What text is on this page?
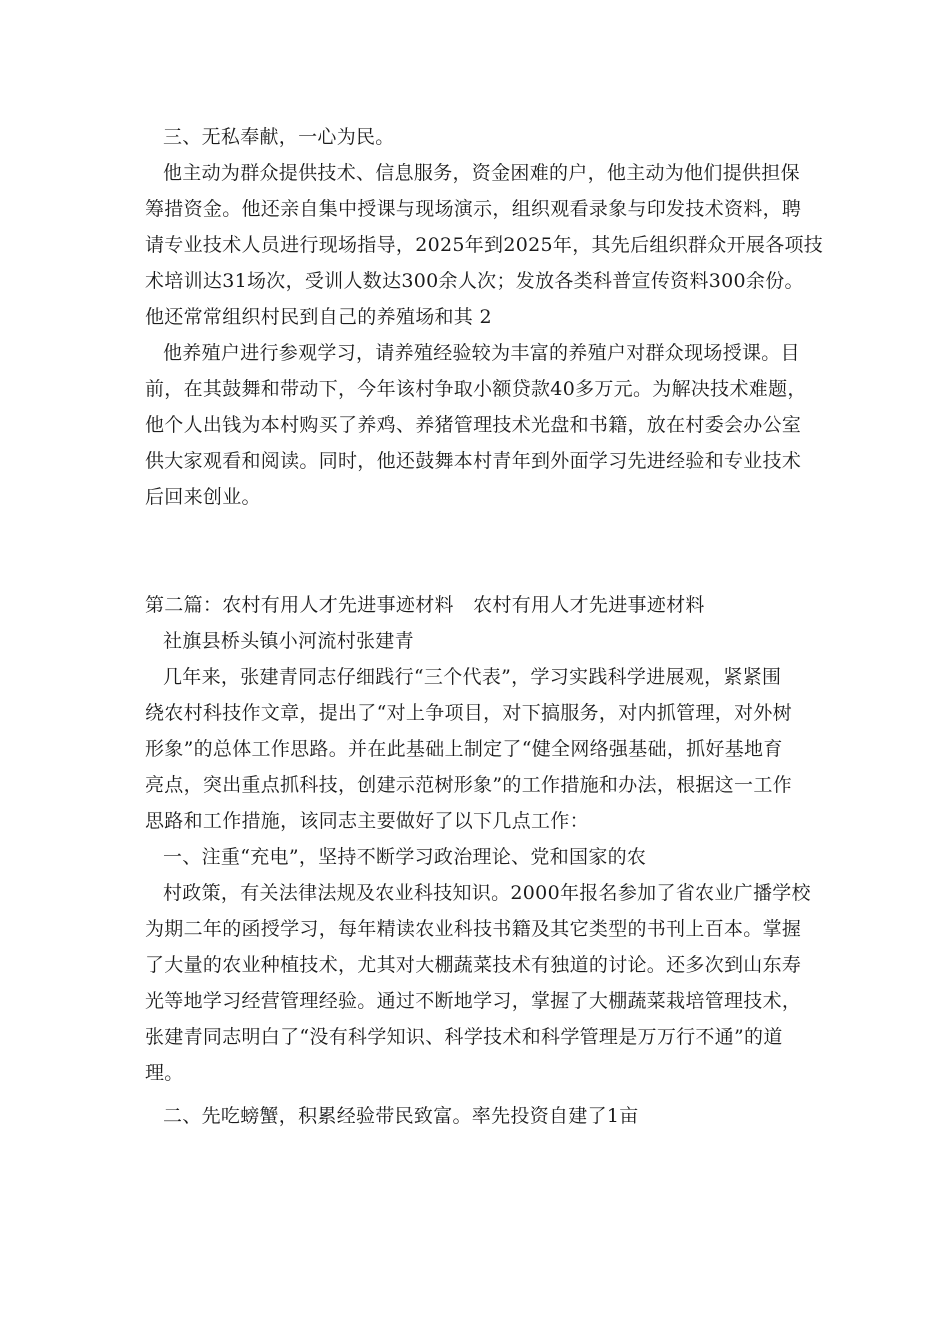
三、无私奉献，一心为民。
他主动为群众提供技术、信息服务，资金困难的户，他主动为他们提供担保
筹措资金。他还亲自集中授课与现场演示，组织观看录象与印发技术资料，聘
请专业技术人员进行现场指导，2025年到2025年，其先后组织群众开展各项技
术培训达31场次，受训人数达300余人次；发放各类科普宣传资料300余份。
他还常常组织村民到自己的养殖场和其 2
他养殖户进行参观学习，请养殖经验较为丰富的养殖户对群众现场授课。目
前，在其鼓舞和带动下，今年该村争取小额贷款40多万元。为解决技术难题，
他个人出钱为本村购买了养鸡、养猪管理技术光盘和书籍，放在村委会办公室
供大家观看和阅读。同时，他还鼓舞本村青年到外面学习先进经验和专业技术
后回来创业。
第二篇：农村有用人才先进事迹材料　农村有用人才先进事迹材料
社旗县桥头镇小河流村张建青
几年来，张建青同志仔细践行“三个代表”，学习实践科学进展观，紧紧围
绕农村科技作文章，提出了“对上争项目，对下搞服务，对内抓管理，对外树
形象”的总体工作思路。并在此基础上制定了“健全网络强基础，抓好基地育
亮点，突出重点抓科技，创建示范树形象”的工作措施和办法，根据这一工作
思路和工作措施，该同志主要做好了以下几点工作：
一、注重“充电”，坚持不断学习政治理论、党和国家的农
村政策，有关法律法规及农业科技知识。2000年报名参加了省农业广播学校
为期二年的函授学习，每年精读农业科技书籍及其它类型的书刊上百本。掌握
了大量的农业种植技术，尤其对大棚蔬菜技术有独道的讨论。还多次到山东寿
光等地学习经营管理经验。通过不断地学习，掌握了大棚蔬菜栽培管理技术，
张建青同志明白了“没有科学知识、科学技术和科学管理是万万行不通”的道
理。
二、先吃螃蟹，积累经验带民致富。率先投资自建了1亩
